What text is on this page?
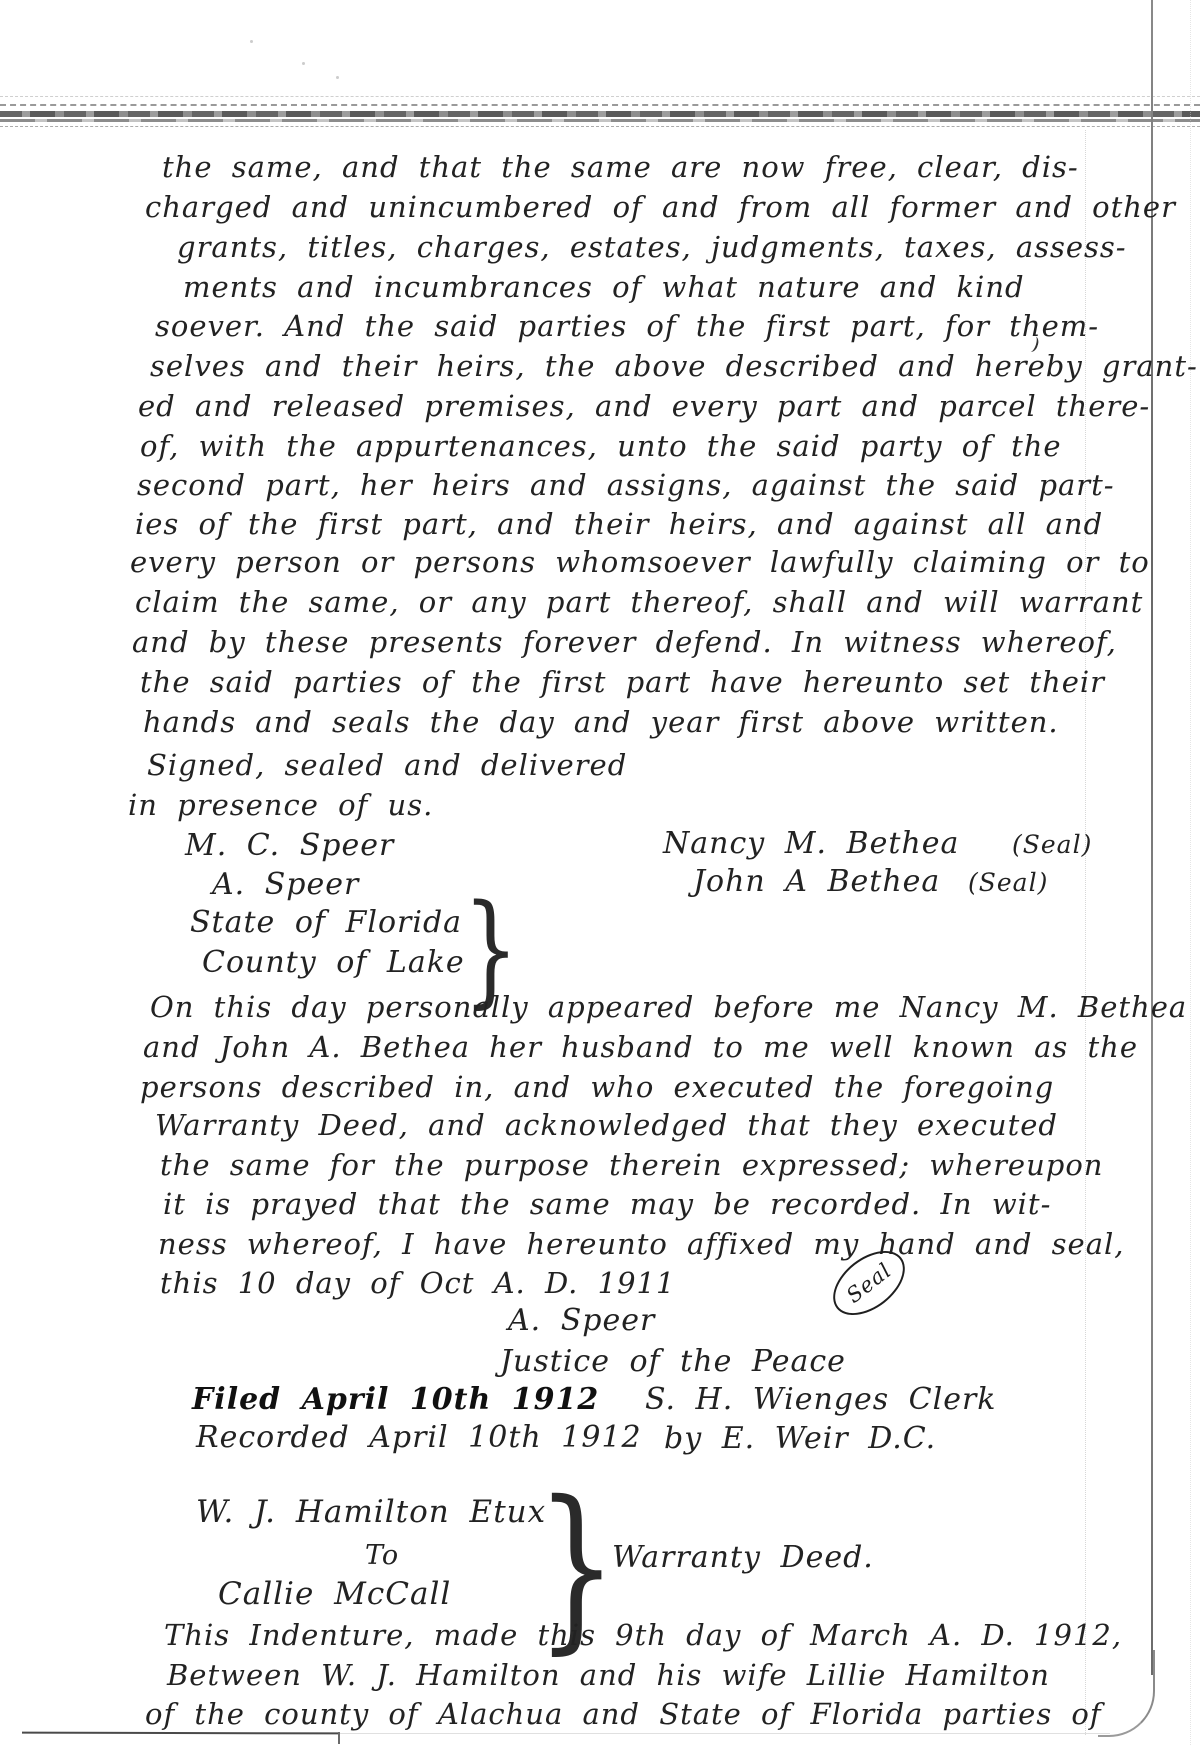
the same, and that the same are now free, clear, dis-
charged and unincumbered of and from all former and other
grants, titles, charges, estates, judgments, taxes, assess-
ments and incumbrances of what nature and kind
soever. And the said parties of the first part, for them-
selves and their heirs, the above described and hereby grant-
ed and released premises, and every part and parcel there-
of, with the appurtenances, unto the said party of the
second part, her heirs and assigns, against the said part-
ies of the first part, and their heirs, and against all and
every person or persons whomsoever lawfully claiming or to
claim the same, or any part thereof, shall and will warrant
and by these presents forever defend. In witness whereof,
the said parties of the first part have hereunto set their
hands and seals the day and year first above written.
Signed, sealed and delivered
in presence of us.
M. C. Speer
A. Speer
Nancy M. Bethea (Seal)
John A Bethea (Seal)
State of Florida
County of Lake
}
On this day personally appeared before me Nancy M. Bethea
and John A. Bethea her husband to me well known as the
persons described in, and who executed the foregoing
Warranty Deed, and acknowledged that they executed
the same for the purpose therein expressed; whereupon
it is prayed that the same may be recorded. In wit-
ness whereof, I have hereunto affixed my hand and seal,
this 10 day of Oct A. D. 1911	Seal
A. Speer
Justice of the Peace
Filed April 10th 1912 S. H. Wienges Clerk
Recorded April 10th 1912 by E. Weir D.C.
W. J. Hamilton Etux
To
Callie McCall }
Warranty Deed.
This Indenture, made this 9th day of March A. D. 1912,
Between W. J. Hamilton and his wife Lillie Hamilton
of the county of Alachua and State of Florida parties of
